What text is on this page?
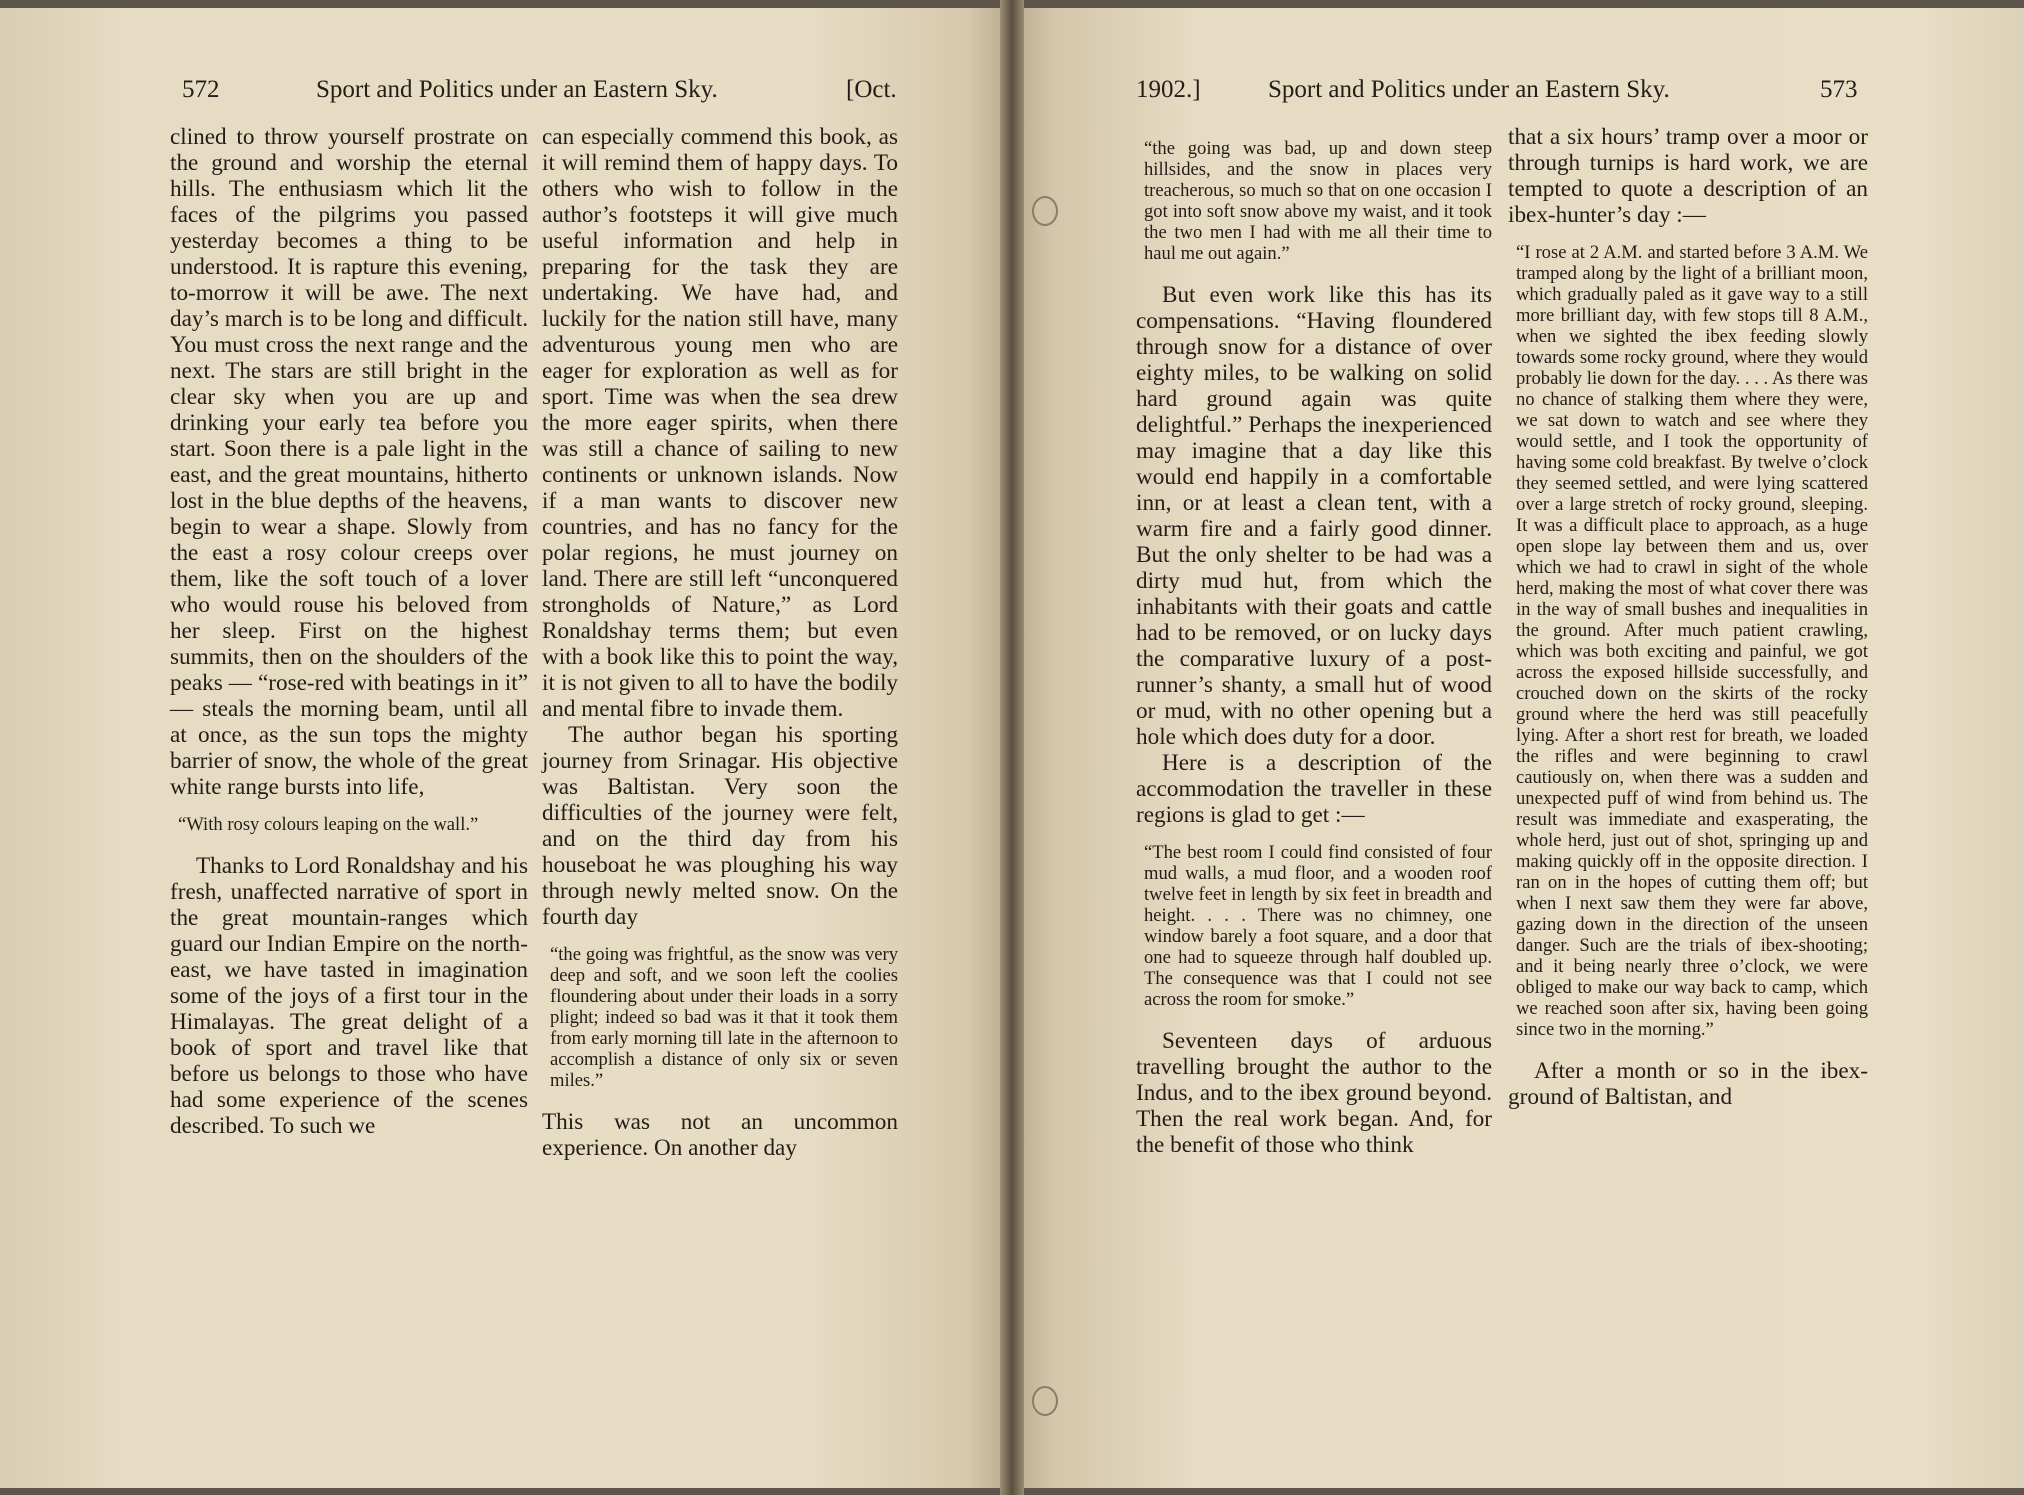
572	Sport and Politics under an Eastern Sky.	[Oct.

clined to throw yourself prostrate on the ground and worship the eternal hills. The enthusiasm which lit the faces of the pilgrims you passed yesterday becomes a thing to be understood. It is rapture this evening, to-morrow it will be awe. The next day’s march is to be long and difficult. You must cross the next range and the next. The stars are still bright in the clear sky when you are up and drinking your early tea before you start. Soon there is a pale light in the east, and the great mountains, hitherto lost in the blue depths of the heavens, begin to wear a shape. Slowly from the east a rosy colour creeps over them, like the soft touch of a lover who would rouse his beloved from her sleep. First on the highest summits, then on the shoulders of the peaks — “rose-red with beatings in it” — steals the morning beam, until all at once, as the sun tops the mighty barrier of snow, the whole of the great white range bursts into life,

“With rosy colours leaping on the wall.”

Thanks to Lord Ronaldshay and his fresh, unaffected narrative of sport in the great mountain-ranges which guard our Indian Empire on the north-east, we have tasted in imagination some of the joys of a first tour in the Himalayas. The great delight of a book of sport and travel like that before us belongs to those who have had some experience of the scenes described. To such we

can especially commend this book, as it will remind them of happy days. To others who wish to follow in the author’s footsteps it will give much useful information and help in preparing for the task they are undertaking. We have had, and luckily for the nation still have, many adventurous young men who are eager for exploration as well as for sport. Time was when the sea drew the more eager spirits, when there was still a chance of sailing to new continents or unknown islands. Now if a man wants to discover new countries, and has no fancy for the polar regions, he must journey on land. There are still left “unconquered strongholds of Nature,” as Lord Ronaldshay terms them; but even with a book like this to point the way, it is not given to all to have the bodily and mental fibre to invade them.

The author began his sporting journey from Srinagar. His objective was Baltistan. Very soon the difficulties of the journey were felt, and on the third day from his houseboat he was ploughing his way through newly melted snow. On the fourth day

“the going was frightful, as the snow was very deep and soft, and we soon left the coolies floundering about under their loads in a sorry plight; indeed so bad was it that it took them from early morning till late in the afternoon to accomplish a distance of only six or seven miles.”

This was not an uncommon experience. On another day

1902.]	Sport and Politics under an Eastern Sky.	573

“the going was bad, up and down steep hillsides, and the snow in places very treacherous, so much so that on one occasion I got into soft snow above my waist, and it took the two men I had with me all their time to haul me out again.”

But even work like this has its compensations. “Having floundered through snow for a distance of over eighty miles, to be walking on solid hard ground again was quite delightful.” Perhaps the inexperienced may imagine that a day like this would end happily in a comfortable inn, or at least a clean tent, with a warm fire and a fairly good dinner. But the only shelter to be had was a dirty mud hut, from which the inhabitants with their goats and cattle had to be removed, or on lucky days the comparative luxury of a post-runner’s shanty, a small hut of wood or mud, with no other opening but a hole which does duty for a door.

Here is a description of the accommodation the traveller in these regions is glad to get :—

“The best room I could find consisted of four mud walls, a mud floor, and a wooden roof twelve feet in length by six feet in breadth and height. . . . There was no chimney, one window barely a foot square, and a door that one had to squeeze through half doubled up. The consequence was that I could not see across the room for smoke.”

Seventeen days of arduous travelling brought the author to the Indus, and to the ibex ground beyond. Then the real work began. And, for the benefit of those who think

that a six hours’ tramp over a moor or through turnips is hard work, we are tempted to quote a description of an ibex-hunter’s day :—

“I rose at 2 A.M. and started before 3 A.M. We tramped along by the light of a brilliant moon, which gradually paled as it gave way to a still more brilliant day, with few stops till 8 A.M., when we sighted the ibex feeding slowly towards some rocky ground, where they would probably lie down for the day. . . . As there was no chance of stalking them where they were, we sat down to watch and see where they would settle, and I took the opportunity of having some cold breakfast. By twelve o’clock they seemed settled, and were lying scattered over a large stretch of rocky ground, sleeping. It was a difficult place to approach, as a huge open slope lay between them and us, over which we had to crawl in sight of the whole herd, making the most of what cover there was in the way of small bushes and inequalities in the ground. After much patient crawling, which was both exciting and painful, we got across the exposed hillside successfully, and crouched down on the skirts of the rocky ground where the herd was still peacefully lying. After a short rest for breath, we loaded the rifles and were beginning to crawl cautiously on, when there was a sudden and unexpected puff of wind from behind us. The result was immediate and exasperating, the whole herd, just out of shot, springing up and making quickly off in the opposite direction. I ran on in the hopes of cutting them off; but when I next saw them they were far above, gazing down in the direction of the unseen danger. Such are the trials of ibex-shooting; and it being nearly three o’clock, we were obliged to make our way back to camp, which we reached soon after six, having been going since two in the morning.”

After a month or so in the ibex-ground of Baltistan, and
